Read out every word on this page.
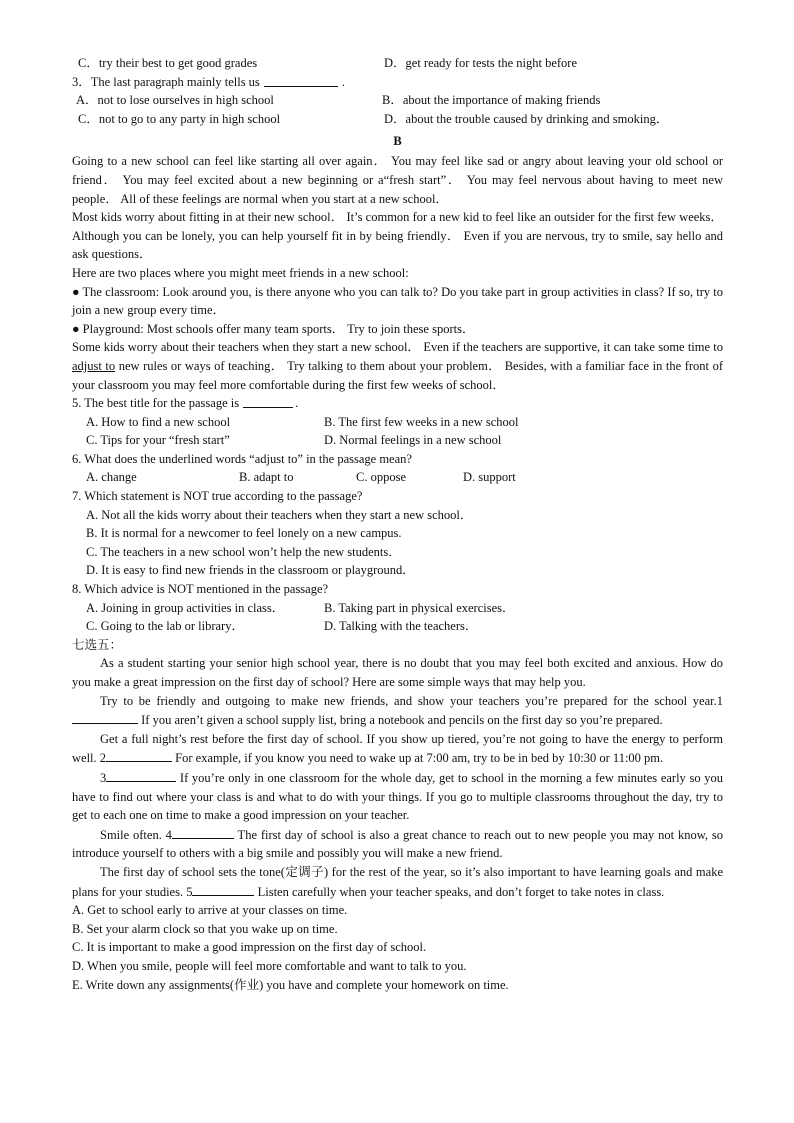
C．try their best to get good grades	D．get ready for tests the night before
3．The last paragraph mainly tells us	.
A．not to lose ourselves in high school	B．about the importance of making friends
C．not to go to any party in high school	D．about the trouble caused by drinking and smoking．
B

Going to a new school can feel like starting all over again． You may feel like sad or angry about leaving your old school or friend． You may feel excited about a new beginning or a“fresh start”． You may feel nervous about having to meet new people． All of these feelings are normal when you start at a new school．

Most kids worry about fitting in at their new school． It’s common for a new kid to feel like an outsider for the first few weeks． Although you can be lonely, you can help yourself fit in by being friendly． Even if you are nervous, try to smile, say hello and ask questions．

Here are two places where you might meet friends in a new school:

● The classroom: Look around you, is there anyone who you can talk to? Do you take part in group activities in class? If so, try to join a new group every time．

● Playground: Most schools offer many team sports． Try to join these sports．

Some kids worry about their teachers when they start a new school． Even if the teachers are supportive, it can take some time to adjust to new rules or ways of teaching． Try talking to them about your problem． Besides, with a familiar face in the front of your classroom you may feel more comfortable during the first few weeks of school．

5. The best title for the passage is	.
A. How to find a new school	B. The first few weeks in a new school
C. Tips for your “fresh start”	D. Normal feelings in a new school
6. What does the underlined words “adjust to” in the passage mean?
A. change	B. adapt to	C. oppose	D. support
7. Which statement is NOT true according to the passage?
A. Not all the kids worry about their teachers when they start a new school．
B. It is normal for a newcomer to feel lonely on a new campus.
C. The teachers in a new school won’t help the new students．
D. It is easy to find new friends in the classroom or playground．
8. Which advice is NOT mentioned in the passage?
A. Joining in group activities in class．	B. Taking part in physical exercises．
C. Going to the lab or library．	D. Talking with the teachers．
七选五：

As a student starting your senior high school year, there is no doubt that you may feel both excited and anxious. How do you make a great impression on the first day of school? Here are some simple ways that may help you.

Try to be friendly and outgoing to make new friends, and show your teachers you’re prepared for the school year.1 If you aren’t given a school supply list, bring a notebook and pencils on the first day so you’re prepared.

Get a full night’s rest before the first day of school. If you show up tiered, you’re not going to have the energy to perform well. 2	For example, if you know you need to wake up at 7:00 am, try to be in bed by 10:30 or 11:00 pm.

3	If you’re only in one classroom for the whole day, get to school in the morning a few minutes early so you have to find out where your class is and what to do with your things. If you go to multiple classrooms throughout the day, try to get to each one on time to make a good impression on your teacher.

Smile often. 4	The first day of school is also a great chance to reach out to new people you may not know, so introduce yourself to others with a big smile and possibly you will make a new friend.

The first day of school sets the tone(定调子) for the rest of the year, so it’s also important to have learning goals and make plans for your studies. 5	Listen carefully when your teacher speaks, and don’t forget to take notes in class.

A. Get to school early to arrive at your classes on time.
B. Set your alarm clock so that you wake up on time.
C. It is important to make a good impression on the first day of school.
D. When you smile, people will feel more comfortable and want to talk to you.
E. Write down any assignments(作业) you have and complete your homework on time.
